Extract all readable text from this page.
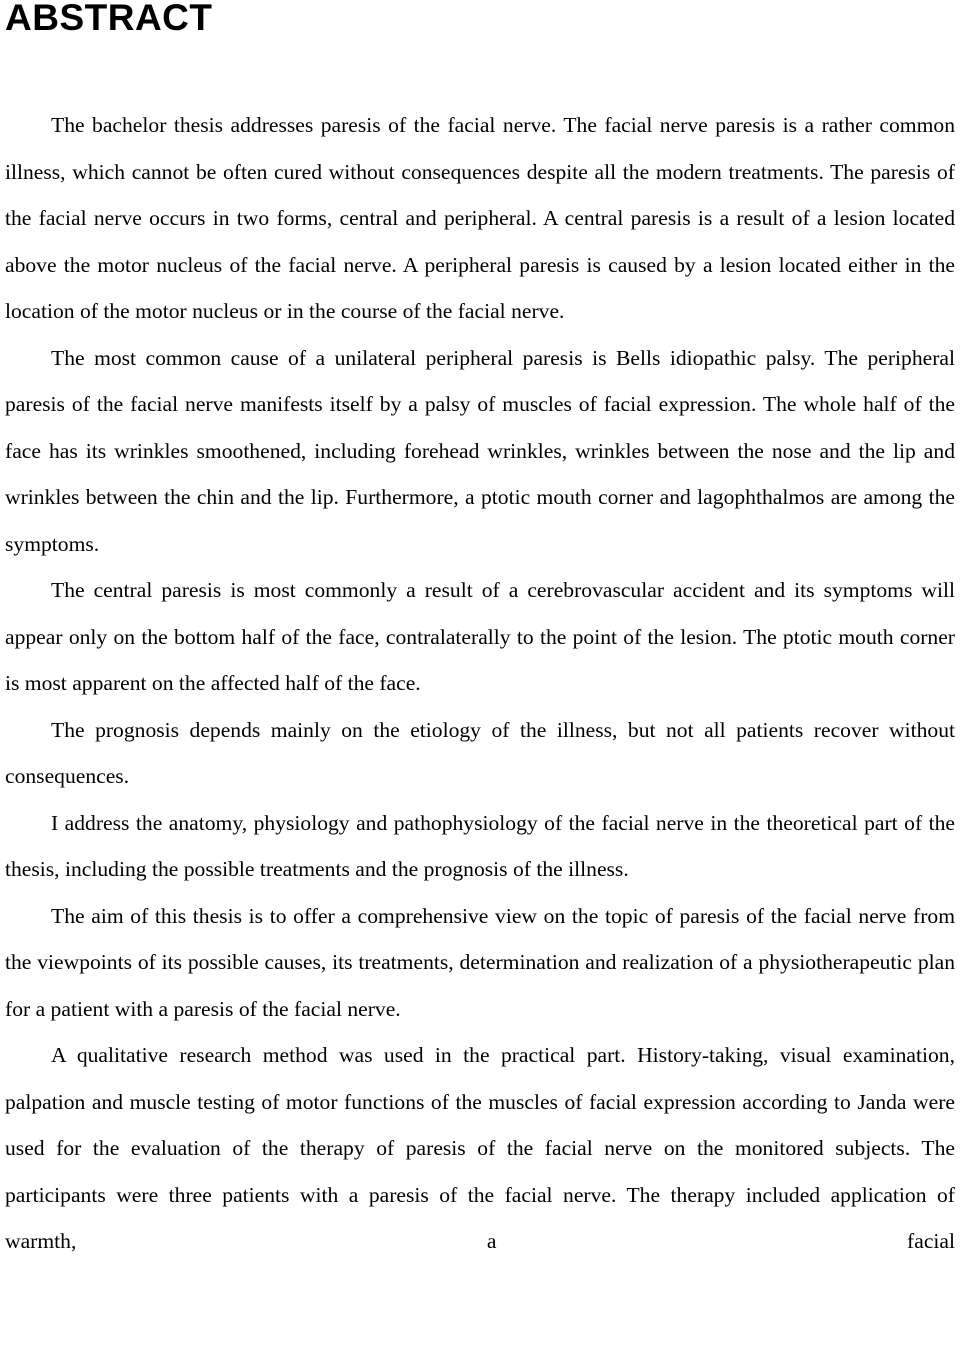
ABSTRACT

The bachelor thesis addresses paresis of the facial nerve. The facial nerve paresis is a rather common illness, which cannot be often cured without consequences despite all the modern treatments. The paresis of the facial nerve occurs in two forms, central and peripheral. A central paresis is a result of a lesion located above the motor nucleus of the facial nerve. A peripheral paresis is caused by a lesion located either in the location of the motor nucleus or in the course of the facial nerve.

The most common cause of a unilateral peripheral paresis is Bells idiopathic palsy. The peripheral paresis of the facial nerve manifests itself by a palsy of muscles of facial expression. The whole half of the face has its wrinkles smoothened, including forehead wrinkles, wrinkles between the nose and the lip and wrinkles between the chin and the lip. Furthermore, a ptotic mouth corner and lagophthalmos are among the symptoms.

The central paresis is most commonly a result of a cerebrovascular accident and its symptoms will appear only on the bottom half of the face, contralaterally to the point of the lesion. The ptotic mouth corner is most apparent on the affected half of the face.

The prognosis depends mainly on the etiology of the illness, but not all patients recover without consequences.

I address the anatomy, physiology and pathophysiology of the facial nerve in the theoretical part of the thesis, including the possible treatments and the prognosis of the illness.

The aim of this thesis is to offer a comprehensive view on the topic of paresis of the facial nerve from the viewpoints of its possible causes, its treatments, determination and realization of a physiotherapeutic plan for a patient with a paresis of the facial nerve.

A qualitative research method was used in the practical part. History-taking, visual examination, palpation and muscle testing of motor functions of the muscles of facial expression according to Janda were used for the evaluation of the therapy of paresis of the facial nerve on the monitored subjects. The participants were three patients with a paresis of the facial nerve. The therapy included application of warmth, a facial
